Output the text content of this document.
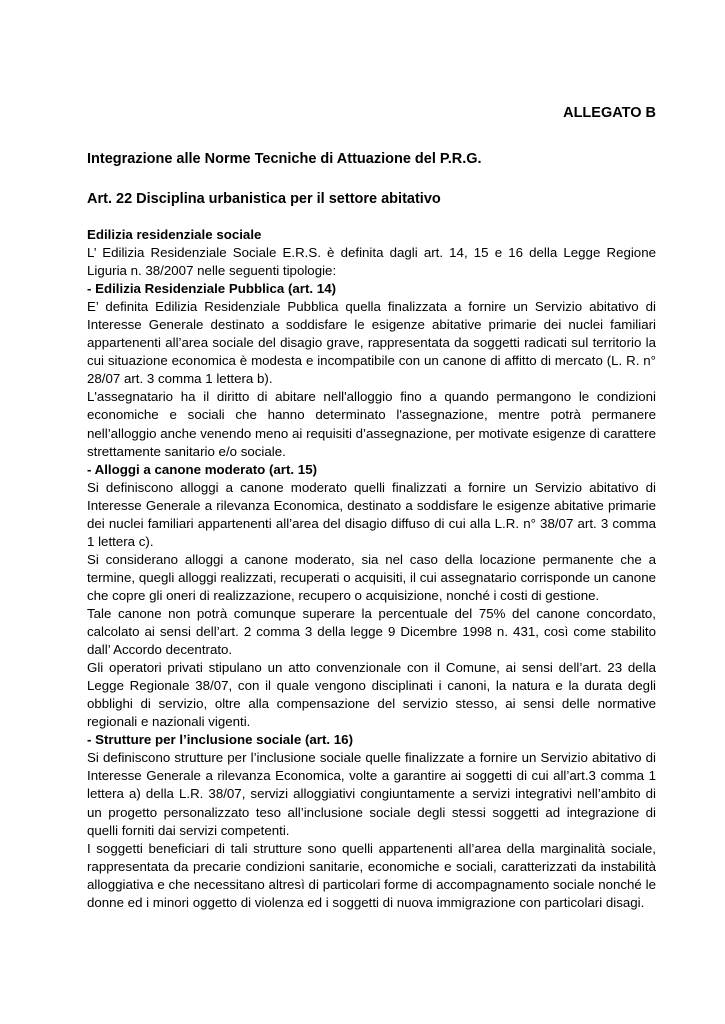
ALLEGATO B

Integrazione alle Norme Tecniche di Attuazione del P.R.G.

Art. 22 Disciplina urbanistica per il settore abitativo

Edilizia residenziale sociale

L’ Edilizia Residenziale Sociale E.R.S. è definita dagli art. 14, 15 e 16 della Legge Regione Liguria n. 38/2007 nelle seguenti tipologie:

- Edilizia Residenziale Pubblica (art. 14)

E’ definita Edilizia Residenziale Pubblica quella finalizzata a fornire un Servizio abitativo di Interesse Generale destinato a soddisfare le esigenze abitative primarie dei nuclei familiari appartenenti all’area sociale del disagio grave, rappresentata da soggetti radicati sul territorio la cui situazione economica è modesta e incompatibile con un canone di affitto di mercato (L. R. n° 28/07 art. 3 comma 1 lettera b).

L'assegnatario ha il diritto di abitare nell'alloggio fino a quando permangono le condizioni economiche e sociali che hanno determinato l'assegnazione, mentre potrà permanere nell’alloggio anche venendo meno ai requisiti d’assegnazione, per motivate esigenze di carattere strettamente sanitario e/o sociale.

- Alloggi a canone moderato (art. 15)

Si definiscono alloggi a canone moderato quelli finalizzati a fornire un Servizio abitativo di Interesse Generale a rilevanza Economica, destinato a soddisfare le esigenze abitative primarie dei nuclei familiari appartenenti all’area del disagio diffuso di cui alla L.R. n° 38/07 art. 3 comma 1 lettera c).

Si considerano alloggi a canone moderato, sia nel caso della locazione permanente che a termine, quegli alloggi realizzati, recuperati o acquisiti, il cui assegnatario corrisponde un canone che copre gli oneri di realizzazione, recupero o acquisizione, nonché i costi di gestione.

Tale canone non potrà comunque superare la percentuale del 75% del canone concordato, calcolato ai sensi dell’art. 2 comma 3 della legge 9 Dicembre 1998 n. 431, così come stabilito dall’ Accordo decentrato.

Gli operatori privati stipulano un atto convenzionale con il Comune, ai sensi dell’art. 23 della Legge Regionale 38/07, con il quale vengono disciplinati i canoni, la natura e la durata degli obblighi di servizio, oltre alla compensazione del servizio stesso, ai sensi delle normative regionali e nazionali vigenti.

- Strutture per l’inclusione sociale (art. 16)

Si definiscono strutture per l’inclusione sociale quelle finalizzate a fornire un Servizio abitativo di Interesse Generale a rilevanza Economica, volte a garantire ai soggetti di cui all’art.3 comma 1 lettera a) della L.R. 38/07, servizi alloggiativi congiuntamente a servizi integrativi nell’ambito di un progetto personalizzato teso all’inclusione sociale degli stessi soggetti ad integrazione di quelli forniti dai servizi competenti.

I soggetti beneficiari di tali strutture sono quelli appartenenti all’area della marginalità sociale, rappresentata da precarie condizioni sanitarie, economiche e sociali, caratterizzati da instabilità alloggiativa e che necessitano altresì di particolari forme di accompagnamento sociale nonché le donne ed i minori oggetto di violenza ed i soggetti di nuova immigrazione con particolari disagi.
